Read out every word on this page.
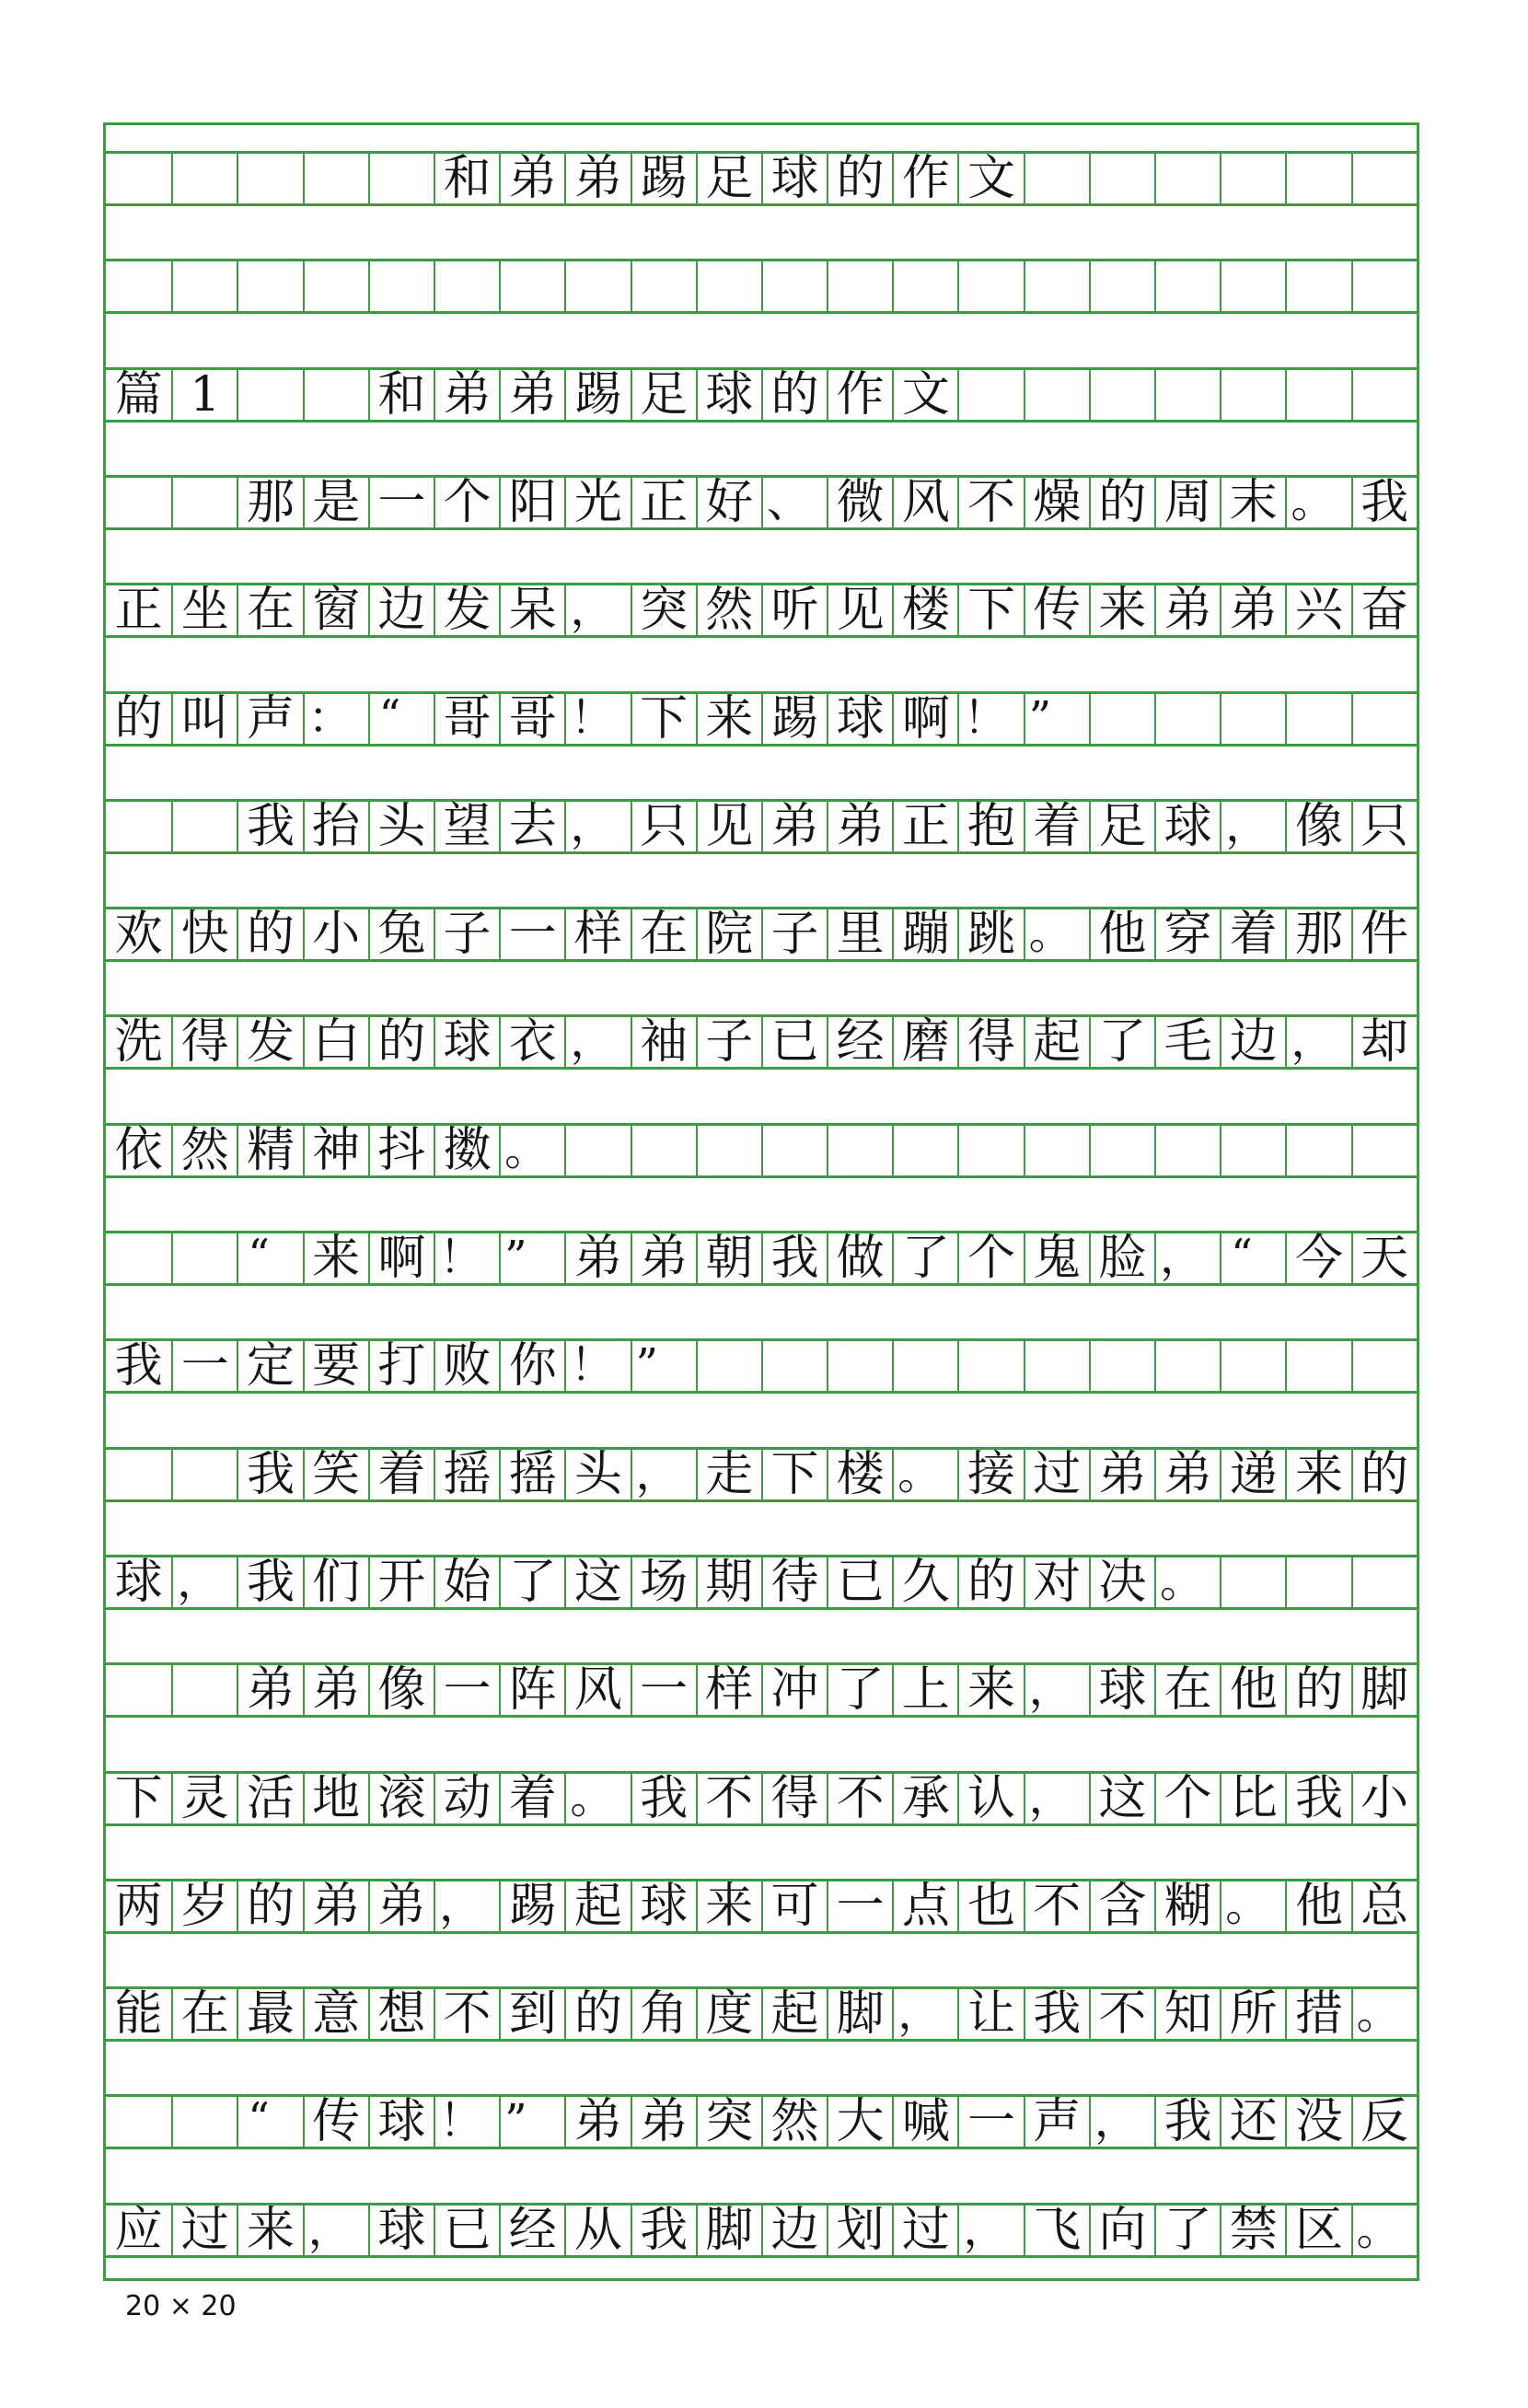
和 弟 弟 踢 足 球 的 作 文
篇 1	和 弟 弟 踢 足 球 的 作 文
那 是 一 个 阳 光 正 好 、 微 风 不 燥 的 周 末 。 我
正 坐 在 窗 边 发 呆 ， 突 然 听 见 楼 下 传 来 弟 弟 兴 奋
的 叫 声 ： “ 哥 哥 ！ 下 来 踢 球 啊 ！ ”
我 抬 头 望 去 ， 只 见 弟 弟 正 抱 着 足 球 ， 像 只
欢 快 的 小 兔 子 一 样 在 院 子 里 蹦 跳 。 他 穿 着 那 件
洗 得 发 白 的 球 衣 ， 袖 子 已 经 磨 得 起 了 毛 边 ， 却
依 然 精 神 抖 擞 。
“ 来 啊 ！ ” 弟 弟 朝 我 做 了 个 鬼 脸 ， “ 今 天
我 一 定 要 打 败 你 ！ ”
我 笑 着 摇 摇 头 ， 走 下 楼 。 接 过 弟 弟 递 来 的
球 ， 我 们 开 始 了 这 场 期 待 已 久 的 对 决 。
弟 弟 像 一 阵 风 一 样 冲 了 上 来 ， 球 在 他 的 脚
下 灵 活 地 滚 动 着 。 我 不 得 不 承 认 ， 这 个 比 我 小
两 岁 的 弟 弟 ， 踢 起 球 来 可 一 点 也 不 含 糊 。 他 总
能 在 最 意 想 不 到 的 角 度 起 脚 ， 让 我 不 知 所 措 。
“ 传 球 ！ ” 弟 弟 突 然 大 喊 一 声 ， 我 还 没 反
应 过 来 ， 球 已 经 从 我 脚 边 划 过 ， 飞 向 了 禁 区 。
20 × 20
